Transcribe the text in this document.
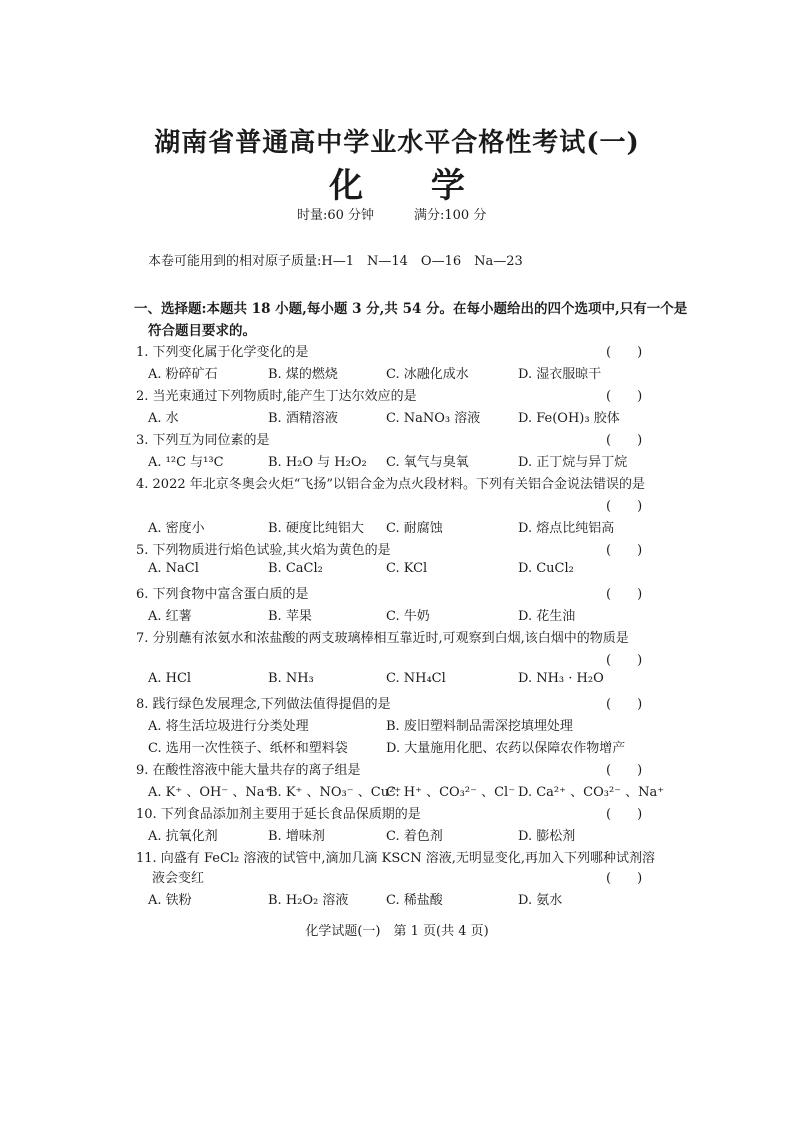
湖南省普通高中学业水平合格性考试(一)
化 学
时量:60 分钟	满分:100 分
本卷可能用到的相对原子质量:H—1　N—14　O—16　Na—23
一、选择题:本题共 18 小题,每小题 3 分,共 54 分。在每小题给出的四个选项中,只有一个是
符合题目要求的。
1. 下列变化属于化学变化的是	(　　)
A. 粉碎矿石	B. 煤的燃烧	C. 冰融化成水	D. 湿衣服晾干
2. 当光束通过下列物质时,能产生丁达尔效应的是	(　　)
A. 水	B. 酒精溶液	C. NaNO₃ 溶液	D. Fe(OH)₃ 胶体
3. 下列互为同位素的是	(　　)
A. ¹²C 与¹³C	B. H₂O 与 H₂O₂ C. 氧气与臭氧	D. 正丁烷与异丁烷
4. 2022 年北京冬奥会火炬“飞扬”以铝合金为点火段材料。下列有关铝合金说法错误的是
(　　)
A. 密度小	B. 硬度比纯铝大 C. 耐腐蚀	D. 熔点比纯铝高
5. 下列物质进行焰色试验,其火焰为黄色的是	(　　)
A. NaCl	B. CaCl₂	C. KCl	D. CuCl₂
6. 下列食物中富含蛋白质的是	(　　)
A. 红薯	B. 苹果	C. 牛奶	D. 花生油
7. 分别蘸有浓氨水和浓盐酸的两支玻璃棒相互靠近时,可观察到白烟,该白烟中的物质是
(　　)
A. HCl	B. NH₃	C. NH₄Cl	D. NH₃ · H₂O
8. 践行绿色发展理念,下列做法值得提倡的是	(　　)
A. 将生活垃圾进行分类处理	B. 废旧塑料制品需深挖填埋处理
C. 选用一次性筷子、纸杯和塑料袋	D. 大量施用化肥、农药以保障农作物增产
9. 在酸性溶液中能大量共存的离子组是	(　　)
A. K⁺ 、OH⁻ 、Na⁺
B. K⁺ 、NO₃⁻ 、Cu²⁺
C. H⁺ 、CO₃²⁻ 、Cl⁻ D. Ca²⁺ 、CO₃²⁻ 、Na⁺
10. 下列食品添加剂主要用于延长食品保质期的是	(　　)
A. 抗氧化剂	B. 增味剂	C. 着色剂	D. 膨松剂
11. 向盛有 FeCl₂ 溶液的试管中,滴加几滴 KSCN 溶液,无明显变化,再加入下列哪种试剂溶
液会变红	(　　)
A. 铁粉	B. H₂O₂ 溶液	C. 稀盐酸	D. 氨水
化学试题(一)　第 1 页(共 4 页)
